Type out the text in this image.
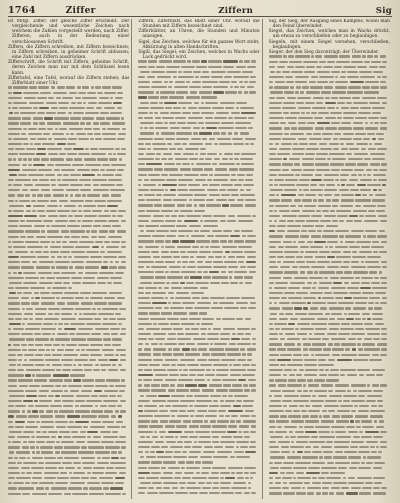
1764	Ziffer	Ziffern	Sig

ist Mitgl. Ziffer; der gleiche Ziffer erscheint. Der vergleichende und wesentliche Zeichen nach welchem die Zahlen vorgestellt werden, nach Ziffer, Zifferen; auch in der Bedeutung einer verschlossenen Schrift.

Ziffern, die Ziffern schreiben, mit Ziffern bezeichnen; in Ziffern schreiben, in geheimer Schrift abfassen; eine Zahl mit Ziffern ausdrücken.

Zifferschrift, die Schrift mit Ziffern, geheime Schrift, deren Zeichen man nur mit dem Schlüssel lesen kann.

Ziffertafel, eine Tafel, worauf die Ziffern stehen; das Zifferblatt einer Uhr.

Ziffern, Zifferblatt, das Blatt einer Uhr, worauf die Stunden mit Ziffern bezeichnet sind.

Zifferblätter, an Uhren, die Stunden und Minuten anzeigen.

Sigel, das Zeichen, welches für ein ganzes Wort steht; Abkürzung in alten Handschriften.

Sigill, das Siegel; ein Zeichen, welches in Wachs oder Lack gedrückt wird.

Sig, der Sieg, der Ausgang eines Kampfes, wobei man den Feind überwindet.

Siegel, das Zeichen, welches man in Wachs drückt, um etwas zu verschließen oder zu beglaubigen.

Siegeln, mit einem Siegel versehen, verschließen, beglaubigen.

Sieger, der den Sieg davonträgt; der Überwinder.
